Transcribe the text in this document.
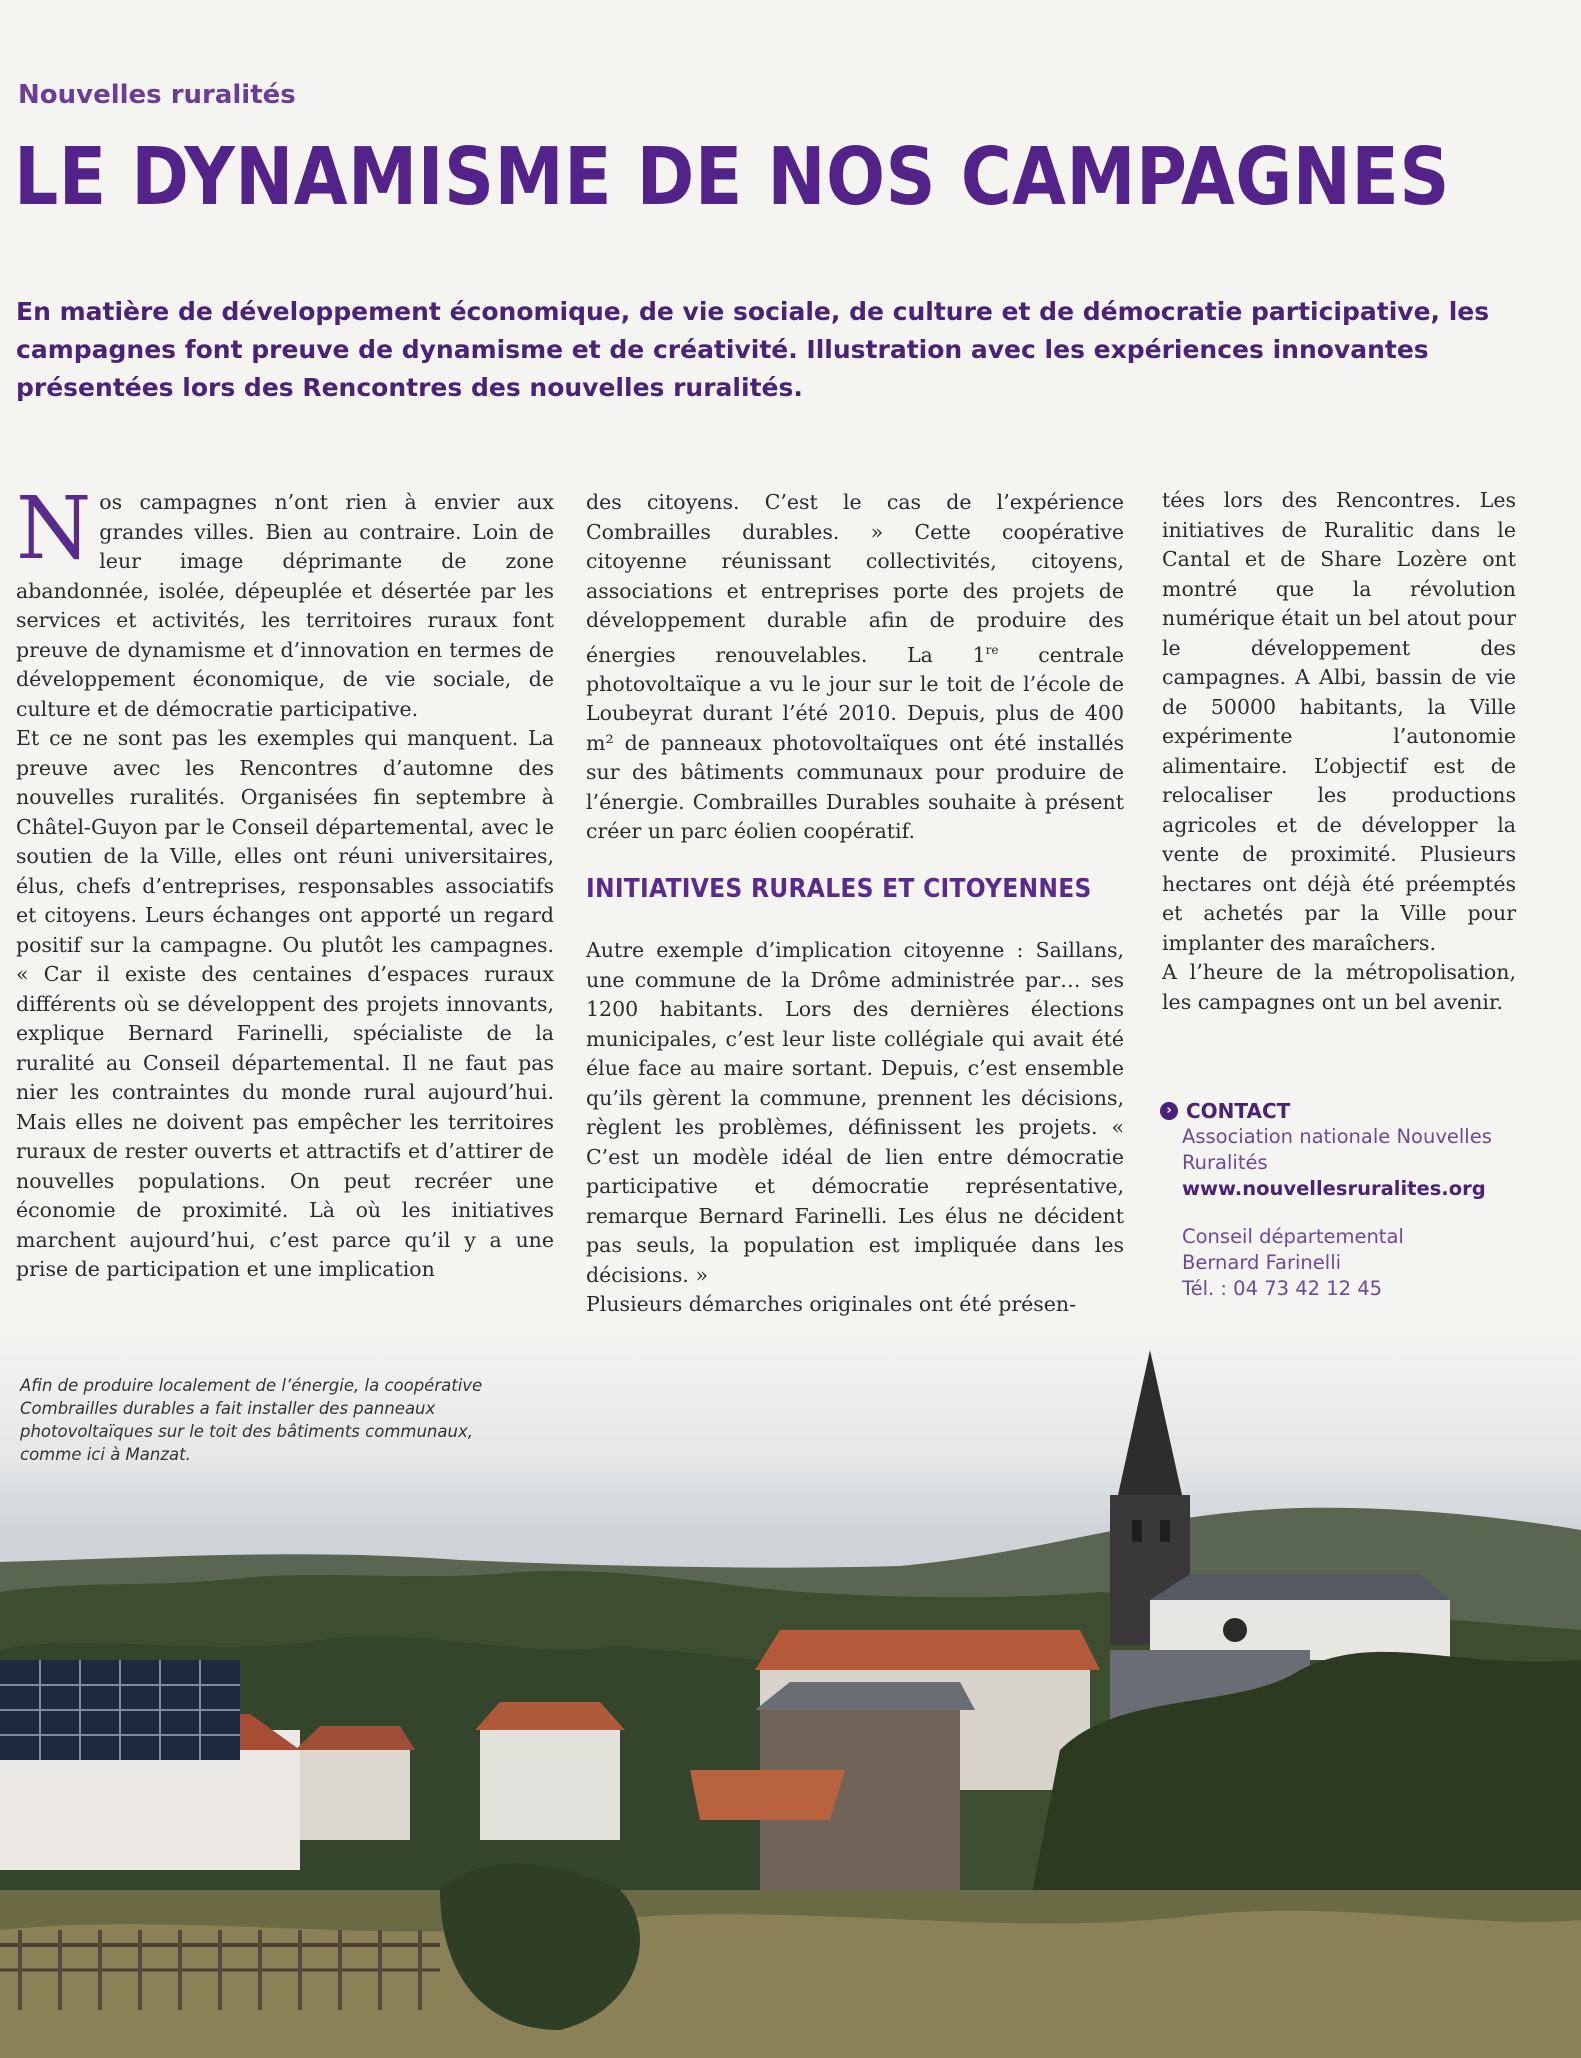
Nouvelles ruralités
LE DYNAMISME DE NOS CAMPAGNES

En matière de développement économique, de vie sociale, de culture et de démocratie participative, les campagnes font preuve de dynamisme et de créativité. Illustration avec les expériences innovantes présentées lors des Rencontres des nouvelles ruralités.

Nos campagnes n’ont rien à envier aux grandes villes. Bien au contraire. Loin de leur image déprimante de zone abandonnée, isolée, dépeuplée et désertée par les services et activités, les territoires ruraux font preuve de dynamisme et d’innovation en termes de développement économique, de vie sociale, de culture et de démocratie participative.

Et ce ne sont pas les exemples qui manquent. La preuve avec les Rencontres d’automne des nouvelles ruralités. Organisées fin septembre à Châtel-Guyon par le Conseil départemental, avec le soutien de la Ville, elles ont réuni universitaires, élus, chefs d’entreprises, responsables associatifs et citoyens. Leurs échanges ont apporté un regard positif sur la campagne. Ou plutôt les campagnes. « Car il existe des centaines d’espaces ruraux différents où se développent des projets innovants, explique Bernard Farinelli, spécialiste de la ruralité au Conseil départemental. Il ne faut pas nier les contraintes du monde rural aujourd’hui. Mais elles ne doivent pas empêcher les territoires ruraux de rester ouverts et attractifs et d’attirer de nouvelles populations. On peut recréer une économie de proximité. Là où les initiatives marchent aujourd’hui, c’est parce qu’il y a une prise de participation et une implication

des citoyens. C’est le cas de l’expérience Combrailles durables. » Cette coopérative citoyenne réunissant collectivités, citoyens, associations et entreprises porte des projets de développement durable afin de produire des énergies renouvelables. La 1re centrale photovoltaïque a vu le jour sur le toit de l’école de Loubeyrat durant l’été 2010. Depuis, plus de 400 m² de panneaux photovoltaïques ont été installés sur des bâtiments communaux pour produire de l’énergie. Combrailles Durables souhaite à présent créer un parc éolien coopératif.

INITIATIVES RURALES ET CITOYENNES

Autre exemple d’implication citoyenne : Saillans, une commune de la Drôme administrée par… ses 1200 habitants. Lors des dernières élections municipales, c’est leur liste collégiale qui avait été élue face au maire sortant. Depuis, c’est ensemble qu’ils gèrent la commune, prennent les décisions, règlent les problèmes, définissent les projets. « C’est un modèle idéal de lien entre démocratie participative et démocratie représentative, remarque Bernard Farinelli. Les élus ne décident pas seuls, la population est impliquée dans les décisions. »

Plusieurs démarches originales ont été présen-

tées lors des Rencontres. Les initiatives de Ruralitic dans le Cantal et de Share Lozère ont montré que la révolution numérique était un bel atout pour le développement des campagnes. A Albi, bassin de vie de 50000 habitants, la Ville expérimente l’autonomie alimentaire. L’objectif est de relocaliser les productions agricoles et de développer la vente de proximité. Plusieurs hectares ont déjà été préemptés et achetés par la Ville pour implanter des maraîchers.

A l’heure de la métropolisation, les campagnes ont un bel avenir.

› CONTACT
Association nationale Nouvelles Ruralités
www.nouvellesruralites.org
Conseil départemental
Bernard Farinelli
Tél. : 04 73 42 12 45

Afin de produire localement de l’énergie, la coopérative Combrailles durables a fait installer des panneaux photovoltaïques sur le toit des bâtiments communaux, comme ici à Manzat.
